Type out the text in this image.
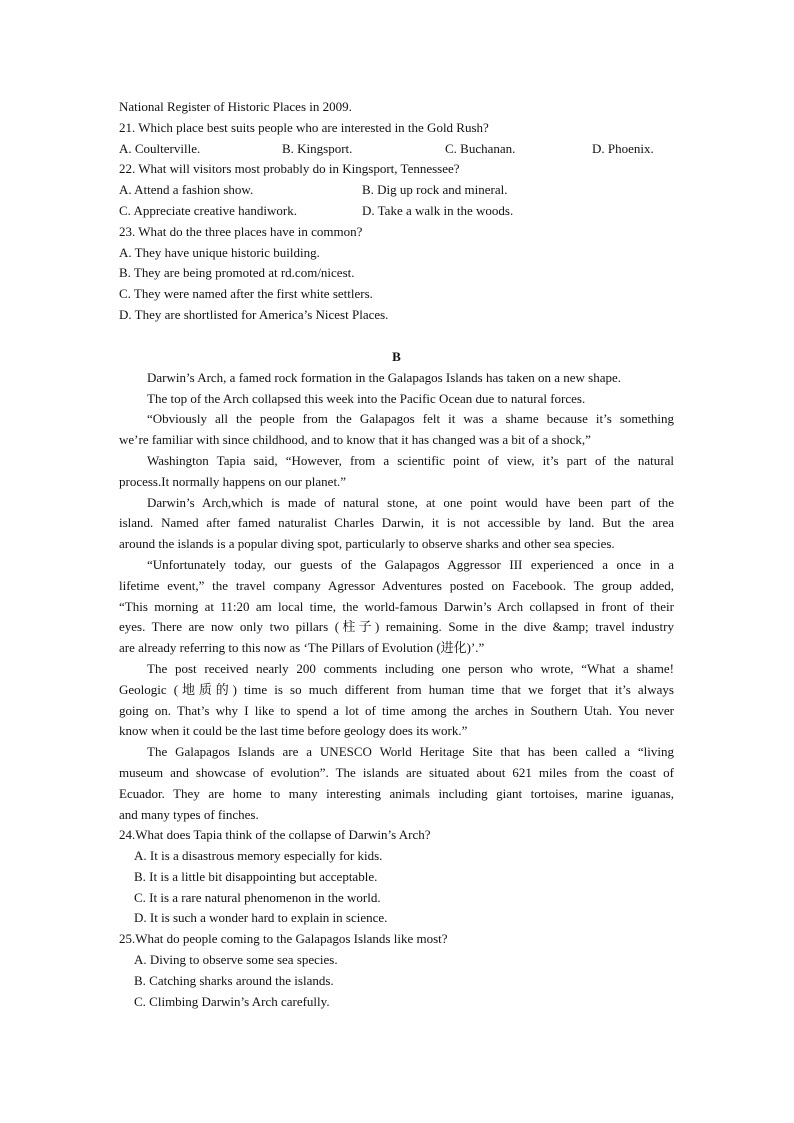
National Register of Historic Places in 2009.
21. Which place best suits people who are interested in the Gold Rush?
A. Coulterville.	B. Kingsport.	C. Buchanan.	D. Phoenix.
22. What will visitors most probably do in Kingsport, Tennessee?
A. Attend a fashion show.	B. Dig up rock and mineral.
C. Appreciate creative handiwork.	D. Take a walk in the woods.
23. What do the three places have in common?
A. They have unique historic building.
B. They are being promoted at rd.com/nicest.
C. They were named after the first white settlers.
D. They are shortlisted for America’s Nicest Places.
B
Darwin’s Arch, a famed rock formation in the Galapagos Islands has taken on a new shape.
The top of the Arch collapsed this week into the Pacific Ocean due to natural forces.
“Obviously all the people from the Galapagos felt it was a shame because it’s something
we’re familiar with since childhood, and to know that it has changed was a bit of a shock,”
Washington Tapia said, “However, from a scientific point of view, it’s part of the natural
process.It normally happens on our planet.”
Darwin’s Arch,which is made of natural stone, at one point would have been part of the
island. Named after famed naturalist Charles Darwin, it is not accessible by land. But the area
around the islands is a popular diving spot, particularly to observe sharks and other sea species.
“Unfortunately today, our guests of the Galapagos Aggressor III experienced a once in a
lifetime event,” the travel company Agressor Adventures posted on Facebook. The group added,
“This morning at 11:20 am local time, the world-famous Darwin’s Arch collapsed in front of their
eyes. There are now only two pillars (柱子) remaining. Some in the dive &amp; travel industry
are already referring to this now as ‘The Pillars of Evolution (进化)’.”
The post received nearly 200 comments including one person who wrote, “What a shame!
Geologic (地质的) time is so much different from human time that we forget that it’s always
going on. That’s why I like to spend a lot of time among the arches in Southern Utah. You never
know when it could be the last time before geology does its work.”
The Galapagos Islands are a UNESCO World Heritage Site that has been called a “living
museum and showcase of evolution”. The islands are situated about 621 miles from the coast of
Ecuador. They are home to many interesting animals including giant tortoises, marine iguanas,
and many types of finches.
24.What does Tapia think of the collapse of Darwin’s Arch?
A. It is a disastrous memory especially for kids.
B. It is a little bit disappointing but acceptable.
C. It is a rare natural phenomenon in the world.
D. It is such a wonder hard to explain in science.
25.What do people coming to the Galapagos Islands like most?
A. Diving to observe some sea species.
B. Catching sharks around the islands.
C. Climbing Darwin’s Arch carefully.
